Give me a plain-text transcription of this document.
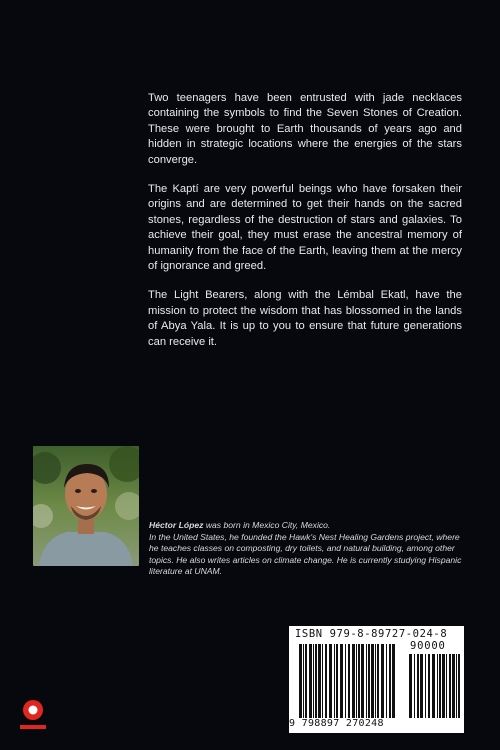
Two teenagers have been entrusted with jade necklaces containing the symbols to find the Seven Stones of Creation. These were brought to Earth thousands of years ago and hidden in strategic locations where the energies of the stars converge.

The Kaptí are very powerful beings who have forsaken their origins and are determined to get their hands on the sacred stones, regardless of the destruction of stars and galaxies. To achieve their goal, they must erase the ancestral memory of humanity from the face of the Earth, leaving them at the mercy of ignorance and greed.

The Light Bearers, along with the Lémbal Ekatl, have the mission to protect the wisdom that has blossomed in the lands of Abya Yala. It is up to you to ensure that future generations can receive it.

Héctor López was born in Mexico City, Mexico.
In the United States, he founded the Hawk's Nest Healing Gardens project, where he teaches classes on composting, dry toilets, and natural building, among other topics. He also writes articles on climate change. He is currently studying Hispanic literature at UNAM.
ISBN 979-8-89727-024-8
90000
9 798897 270248
